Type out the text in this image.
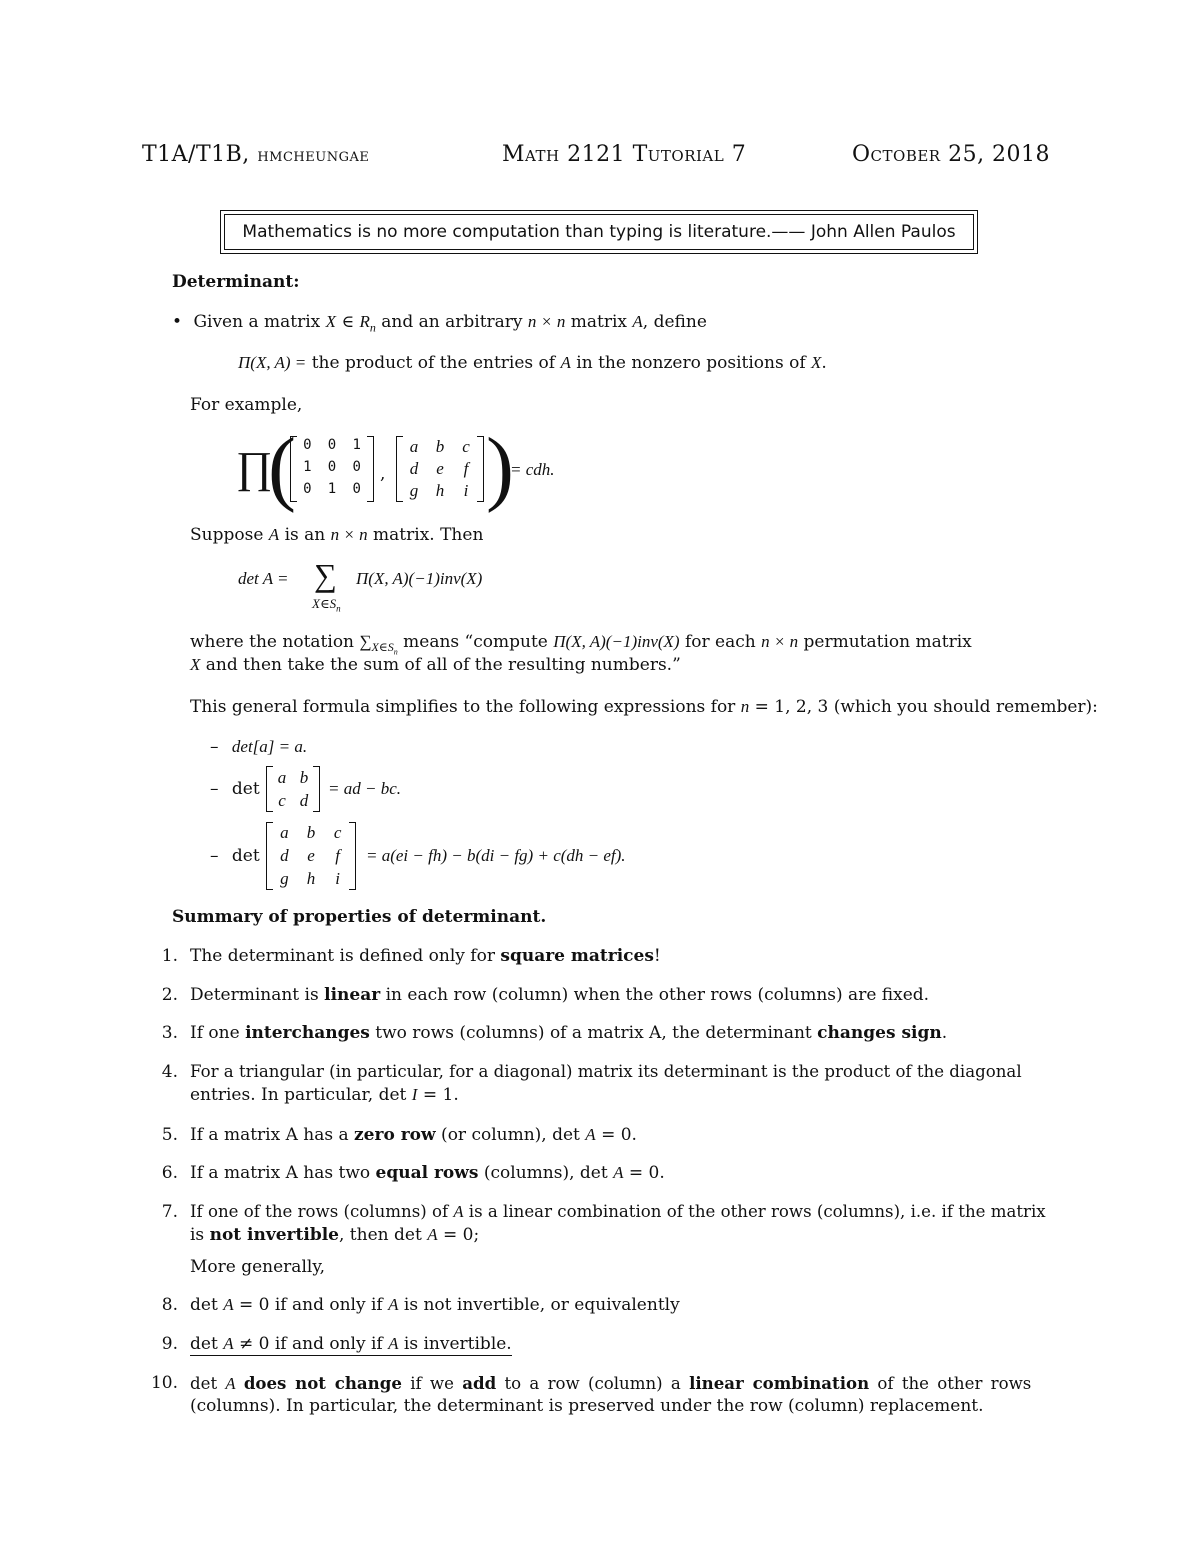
T1A/T1B, hmcheungae	Math 2121 Tutorial 7	October 25, 2018
Mathematics is no more computation than typing is literature.—— John Allen Paulos
Determinant:
• Given a matrix X ∈ $R_n$ and an arbitrary n × n matrix A, define
Π(X, A) = the product of the entries of A in the nonzero positions of X.
For example,
∏
( 0	0	1
1	0	0
0	1	0
,
a	b	c
d	e	f
g	h	i )
= cdh.
Suppose A is an n × n matrix. Then
det A = ∑
$X\in S_n$
Π(X, A)(−1)inv(X)
where the notation $\sum_{X\in S_n}$ means “compute Π(X, A)(−1)inv(X) for each n × n permutation matrix
X and then take the sum of all of the resulting numbers.”
This general formula simplifies to the following expressions for n = 1, 2, 3 (which you should remember):
– det[a] = a.
– det
a b
c d
= ad − bc.
– det
a	b	c
d	e	f
g	h	i
= a(ei − fh) − b(di − fg) + c(dh − ef).
Summary of properties of determinant.
1. The determinant is defined only for square matrices!
2. Determinant is linear in each row (column) when the other rows (columns) are fixed.
3. If one interchanges two rows (columns) of a matrix A, the determinant changes sign.
4. For a triangular (in particular, for a diagonal) matrix its determinant is the product of the diagonal
entries. In particular, det I = 1.
5. If a matrix A has a zero row (or column), det A = 0.
6. If a matrix A has two equal rows (columns), det A = 0.
7. If one of the rows (columns) of A is a linear combination of the other rows (columns), i.e. if the matrix
is not invertible, then det A = 0;
More generally,
8. det A = 0 if and only if A is not invertible, or equivalently
9. det A ≠ 0 if and only if A is invertible.
10. det A does not change if we add to a row (column) a linear combination of the other rows
(columns). In particular, the determinant is preserved under the row (column) replacement.
